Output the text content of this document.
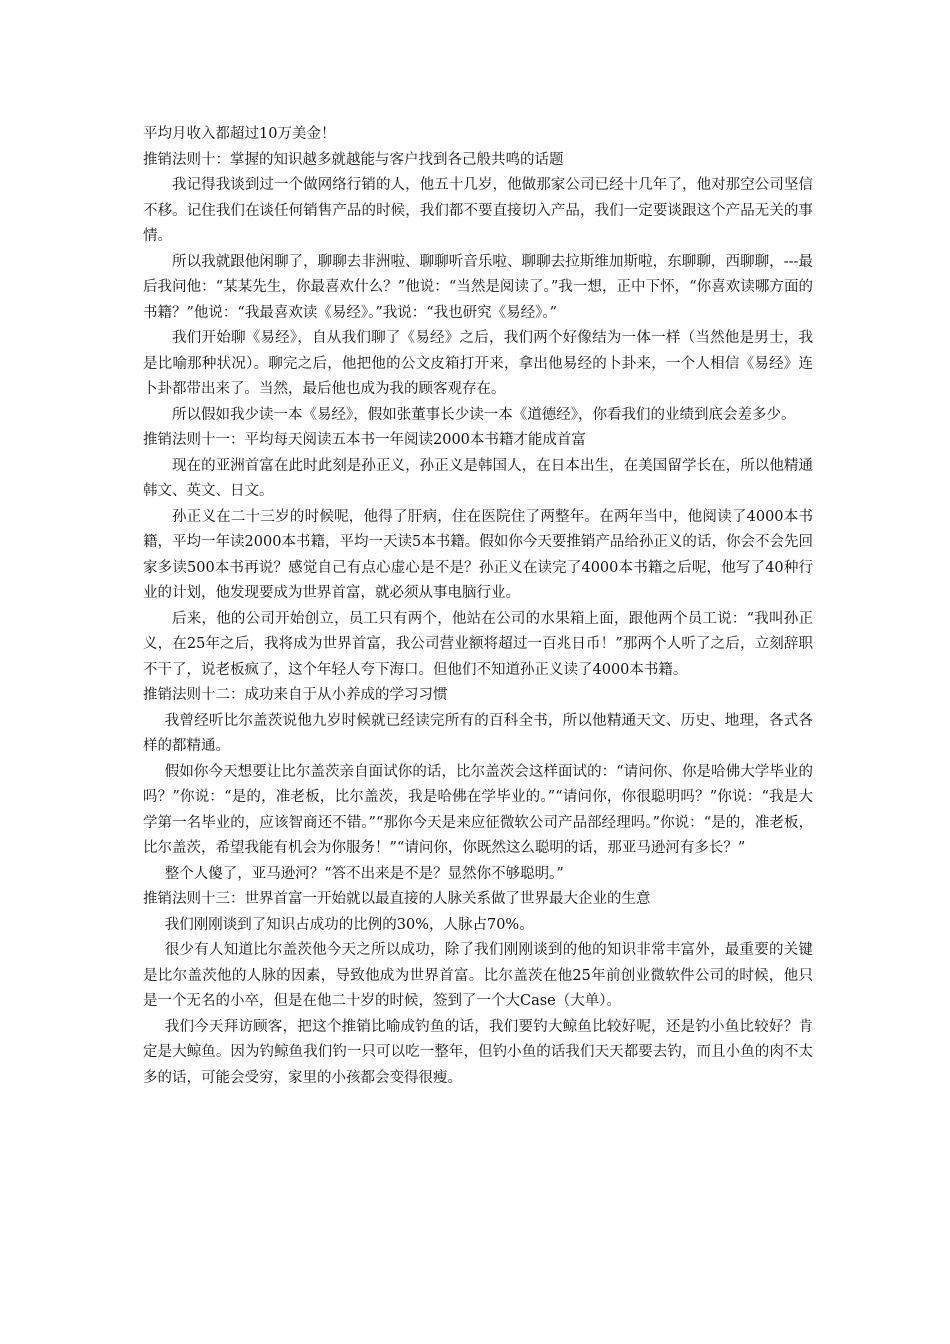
平均月收入都超过10万美金！

推销法则十：掌握的知识越多就越能与客户找到各己般共鸣的话题

我记得我谈到过一个做网络行销的人，他五十几岁，他做那家公司已经十几年了，他对那空公司坚信不移。记住我们在谈任何销售产品的时候，我们都不要直接切入产品，我们一定要谈跟这个产品无关的事情。

所以我就跟他闲聊了，聊聊去非洲啦、聊聊听音乐啦、聊聊去拉斯维加斯啦，东聊聊，西聊聊，---最后我问他：“某某先生，你最喜欢什么？”他说：“当然是阅读了。”我一想，正中下怀，“你喜欢读哪方面的书籍？”他说：“我最喜欢读《易经》。”我说：“我也研究《易经》。”

我们开始聊《易经》，自从我们聊了《易经》之后，我们两个好像结为一体一样（当然他是男士，我是比喻那种状况）。聊完之后，他把他的公文皮箱打开来，拿出他易经的卜卦来，一个人相信《易经》连卜卦都带出来了。当然，最后他也成为我的顾客观存在。

所以假如我少读一本《易经》，假如张董事长少读一本《道德经》，你看我们的业绩到底会差多少。

推销法则十一：平均每天阅读五本书一年阅读2000本书籍才能成首富

现在的亚洲首富在此时此刻是孙正义，孙正义是韩国人，在日本出生，在美国留学长在，所以他精通韩文、英文、日文。

孙正义在二十三岁的时候呢，他得了肝病，住在医院住了两整年。在两年当中，他阅读了4000本书籍，平均一年读2000本书籍，平均一天读5本书籍。假如你今天要推销产品给孙正义的话，你会不会先回家多读500本书再说？感觉自己有点心虚心是不是？孙正义在读完了4000本书籍之后呢，他写了40种行业的计划，他发现要成为世界首富，就必须从事电脑行业。

后来，他的公司开始创立，员工只有两个，他站在公司的水果箱上面，跟他两个员工说：“我叫孙正义，在25年之后，我将成为世界首富，我公司营业额将超过一百兆日币！”那两个人听了之后，立刻辞职不干了，说老板疯了，这个年轻人夸下海口。但他们不知道孙正义读了4000本书籍。

推销法则十二：成功来自于从小养成的学习习惯

我曾经听比尔盖茨说他九岁时候就已经读完所有的百科全书，所以他精通天文、历史、地理，各式各样的都精通。

假如你今天想要让比尔盖茨亲自面试你的话，比尔盖茨会这样面试的：“请问你、你是哈佛大学毕业的吗？”你说：“是的，准老板，比尔盖茨，我是哈佛在学毕业的。”“请问你，你很聪明吗？”你说：“我是大学第一名毕业的，应该智商还不错。”“那你今天是来应征微软公司产品部经理吗。”你说：“是的，准老板，比尔盖茨，希望我能有机会为你服务！”“请问你，你既然这么聪明的话，那亚马逊河有多长？”

整个人傻了，亚马逊河？“答不出来是不是？显然你不够聪明。”

推销法则十三：世界首富一开始就以最直接的人脉关系做了世界最大企业的生意

我们刚刚谈到了知识占成功的比例的30%，人脉占70%。

很少有人知道比尔盖茨他今天之所以成功，除了我们刚刚谈到的他的知识非常丰富外，最重要的关键是比尔盖茨他的人脉的因素，导致他成为世界首富。比尔盖茨在他25年前创业微软件公司的时候，他只是一个无名的小卒，但是在他二十岁的时候，签到了一个大Case（大单）。

我们今天拜访顾客，把这个推销比喻成钓鱼的话，我们要钓大鲸鱼比较好呢，还是钓小鱼比较好？肯定是大鲸鱼。因为钓鲸鱼我们钓一只可以吃一整年，但钓小鱼的话我们天天都要去钓，而且小鱼的肉不太多的话，可能会受穷，家里的小孩都会变得很瘦。
